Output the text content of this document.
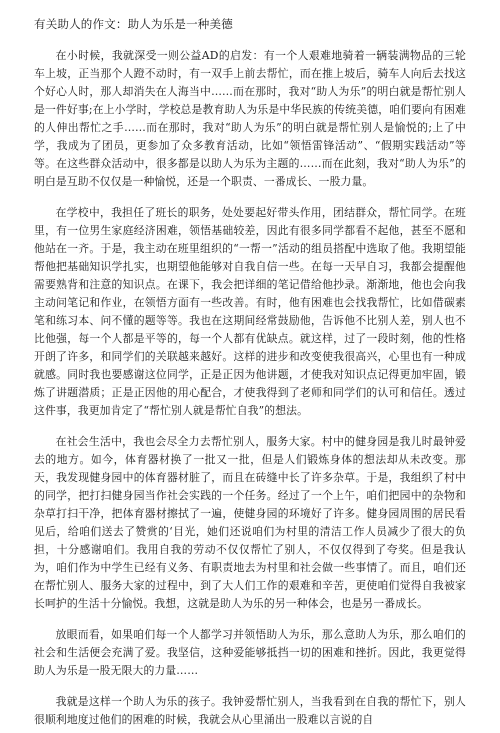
有关助人的作文：助人为乐是一种美德

在小时候，我就深受一则公益AD的启发：有一个人艰难地骑着一辆装满物品的三轮车上坡，正当那个人蹬不动时，有一双手上前去帮忙，而在推上坡后，骑车人向后去找这个好心人时，那人却消失在人海当中……而在那时，我对“助人为乐”的明白就是帮忙别人是一件好事;在上小学时，学校总是教育助人为乐是中华民族的传统美德，咱们要向有困难的人伸出帮忙之手……而在那时，我对“助人为乐”的明白就是帮忙别人是愉悦的;上了中学，我成为了团员，更参加了众多教育活动，比如“领悟雷锋活动”、“假期实践活动”等等。在这些群众活动中，很多都是以助人为乐为主题的……而在此刻，我对“助人为乐”的明白是互助不仅仅是一种愉悦，还是一个职责、一番成长、一股力量。

在学校中，我担任了班长的职务，处处要起好带头作用，团结群众，帮忙同学。在班里，有一位男生家庭经济困难，领悟基础较差，因此有很多同学都看不起他，甚至不愿和他站在一齐。于是，我主动在班里组织的“一帮一”活动的组员搭配中选取了他。我期望能帮他把基础知识学扎实，也期望他能够对自我自信一些。在每一天早自习，我都会提醒他需要熟背和注意的知识点。在课下，我会把详细的笔记借给他抄录。渐渐地，他也会向我主动问笔记和作业，在领悟方面有一些改善。有时，他有困难也会找我帮忙，比如借碳素笔和练习本、问不懂的题等等。我也在这期间经常鼓励他，告诉他不比别人差，别人也不比他强，每一个人都是平等的，每一个人都有优缺点。就这样，过了一段时刻，他的性格开朗了许多，和同学们的关联越来越好。这样的进步和改变使我很高兴，心里也有一种成就感。同时我也要感谢这位同学，正是正因为他讲题，才使我对知识点记得更加牢固，锻炼了讲题潜质；正是正因他的用心配合，才使我得到了老师和同学们的认可和信任。透过这件事，我更加肯定了“帮忙别人就是帮忙自我”的想法。

在社会生活中，我也会尽全力去帮忙别人，服务大家。村中的健身园是我儿时最钟爱去的地方。如今，体育器材换了一批又一批，但是人们锻炼身体的想法却从未改变。那天，我发现健身园中的体育器材脏了，而且在砖缝中长了许多杂草。于是，我组织了村中的同学，把打扫健身园当作社会实践的一个任务。经过了一个上午，咱们把园中的杂物和杂草打扫干净，把体育器材擦拭了一遍，使健身园的环境好了许多。健身园周围的居民看见后，给咱们送去了赞赏的‘目光，她们还说咱们为村里的清洁工作人员减少了很大的负担，十分感谢咱们。我用自我的劳动不仅仅帮忙了别人，不仅仅得到了夸奖。但是我认为，咱们作为中学生已经有义务、有职责地去为村里和社会做一些事情了。而且，咱们还在帮忙别人、服务大家的过程中，到了大人们工作的艰难和辛苦，更使咱们觉得自我被家长呵护的生活十分愉悦。我想，这就是助人为乐的另一种体会，也是另一番成长。

放眼而看，如果咱们每一个人都学习并领悟助人为乐，那么意助人为乐，那么咱们的社会和生活便会充满了爱。我坚信，这种爱能够抵挡一切的困难和挫折。因此，我更觉得助人为乐是一股无限大的力量……

我就是这样一个助人为乐的孩子。我钟爱帮忙别人，当我看到在自我的帮忙下，别人很顺利地度过他们的困难的时候，我就会从心里涌出一股难以言说的自
